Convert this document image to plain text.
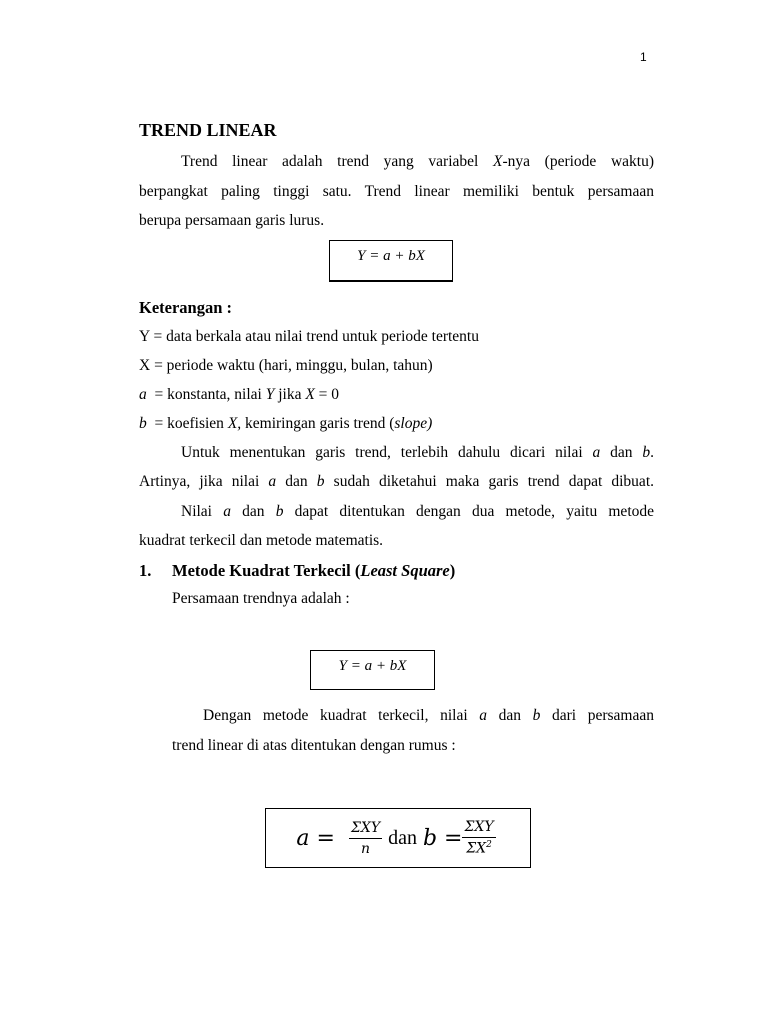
1
TREND LINEAR
Trend linear adalah trend yang variabel X-nya (periode waktu)
berpangkat paling tinggi satu. Trend linear memiliki bentuk persamaan
berupa persamaan garis lurus.
Y = a + bX
Keterangan :
Y = data berkala atau nilai trend untuk periode tertentu
X = periode waktu (hari, minggu, bulan, tahun)
a  = konstanta, nilai Y jika X = 0
b  = koefisien X, kemiringan garis trend (slope)
Untuk menentukan garis trend, terlebih dahulu dicari nilai a dan b.
Artinya, jika nilai a dan b sudah diketahui maka garis trend dapat dibuat.
Nilai a dan b dapat ditentukan dengan dua metode, yaitu metode
kuadrat terkecil dan metode matematis.
1. Metode Kuadrat Terkecil (Least Square)
Persamaan trendnya adalah :
Y = a + bX
Dengan metode kuadrat terkecil, nilai a dan b dari persamaan
trend linear di atas ditentukan dengan rumus :
$a = \frac{\text{ΣXY}}{n}$ dan $b = \frac{\text{ΣXY}}{\Sigma X^2}$
